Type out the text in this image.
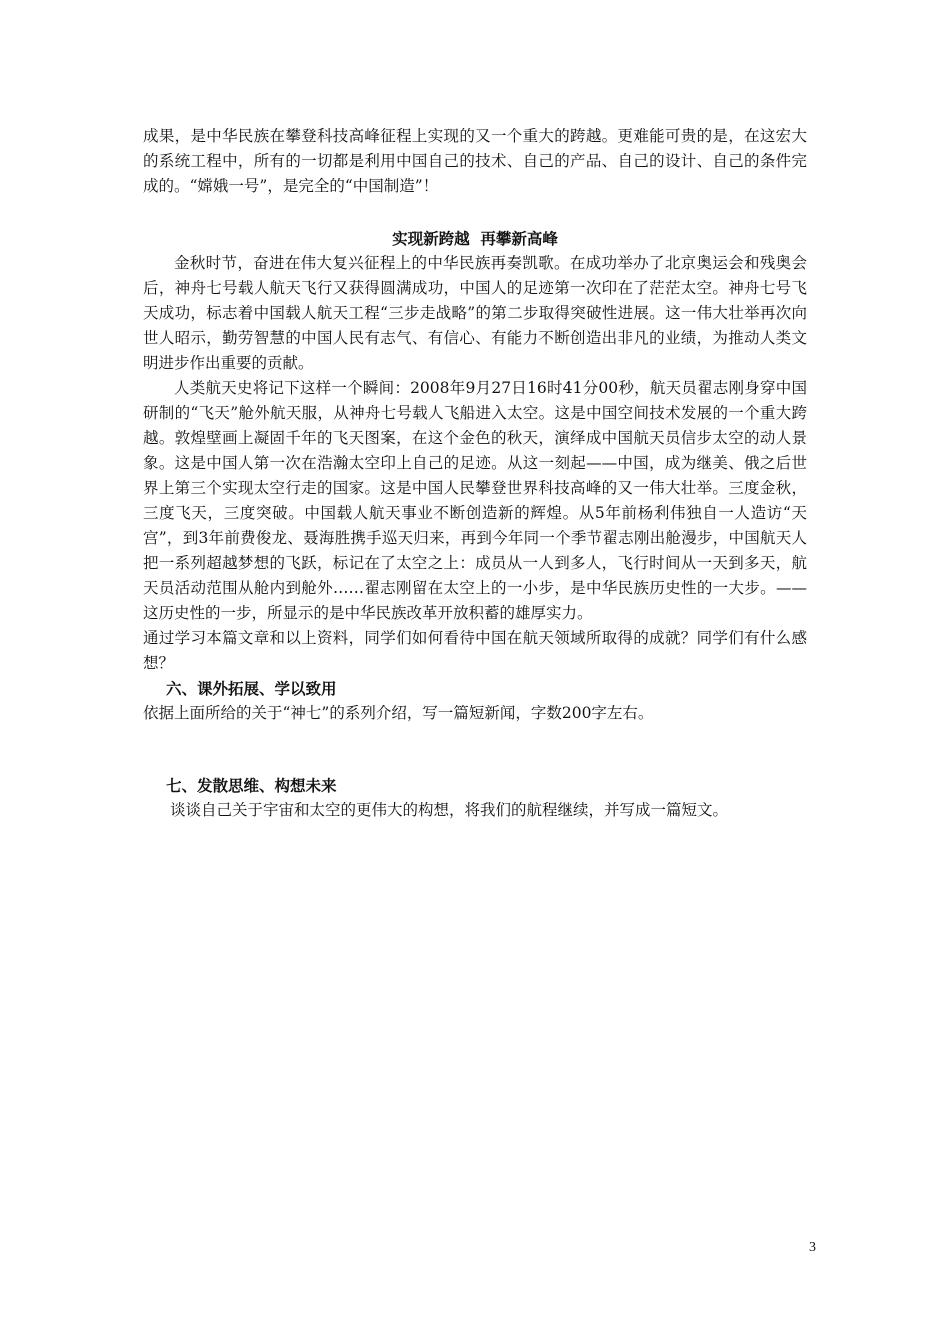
成果，是中华民族在攀登科技高峰征程上实现的又一个重大的跨越。更难能可贵的是，在这宏大的系统工程中，所有的一切都是利用中国自己的技术、自己的产品、自己的设计、自己的条件完成的。“嫦娥一号”，是完全的“中国制造”！

实现新跨越  再攀新高峰

金秋时节，奋进在伟大复兴征程上的中华民族再奏凯歌。在成功举办了北京奥运会和残奥会后，神舟七号载人航天飞行又获得圆满成功，中国人的足迹第一次印在了茫茫太空。神舟七号飞天成功，标志着中国载人航天工程“三步走战略”的第二步取得突破性进展。这一伟大壮举再次向世人昭示，勤劳智慧的中国人民有志气、有信心、有能力不断创造出非凡的业绩，为推动人类文明进步作出重要的贡献。

人类航天史将记下这样一个瞬间：2008年9月27日16时41分00秒，航天员翟志刚身穿中国研制的“飞天”舱外航天服，从神舟七号载人飞船进入太空。这是中国空间技术发展的一个重大跨越。敦煌壁画上凝固千年的飞天图案，在这个金色的秋天，演绎成中国航天员信步太空的动人景象。这是中国人第一次在浩瀚太空印上自己的足迹。从这一刻起——中国，成为继美、俄之后世界上第三个实现太空行走的国家。这是中国人民攀登世界科技高峰的又一伟大壮举。三度金秋，三度飞天，三度突破。中国载人航天事业不断创造新的辉煌。从5年前杨利伟独自一人造访“天宫”，到3年前费俊龙、聂海胜携手巡天归来，再到今年同一个季节翟志刚出舱漫步，中国航天人把一系列超越梦想的飞跃，标记在了太空之上：成员从一人到多人，飞行时间从一天到多天，航天员活动范围从舱内到舱外……翟志刚留在太空上的一小步，是中华民族历史性的一大步。——这历史性的一步，所显示的是中华民族改革开放积蓄的雄厚实力。

通过学习本篇文章和以上资料，同学们如何看待中国在航天领域所取得的成就？同学们有什么感想？

六、课外拓展、学以致用

依据上面所给的关于“神七”的系列介绍，写一篇短新闻，字数200字左右。

七、发散思维、构想未来

谈谈自己关于宇宙和太空的更伟大的构想，将我们的航程继续，并写成一篇短文。

3
